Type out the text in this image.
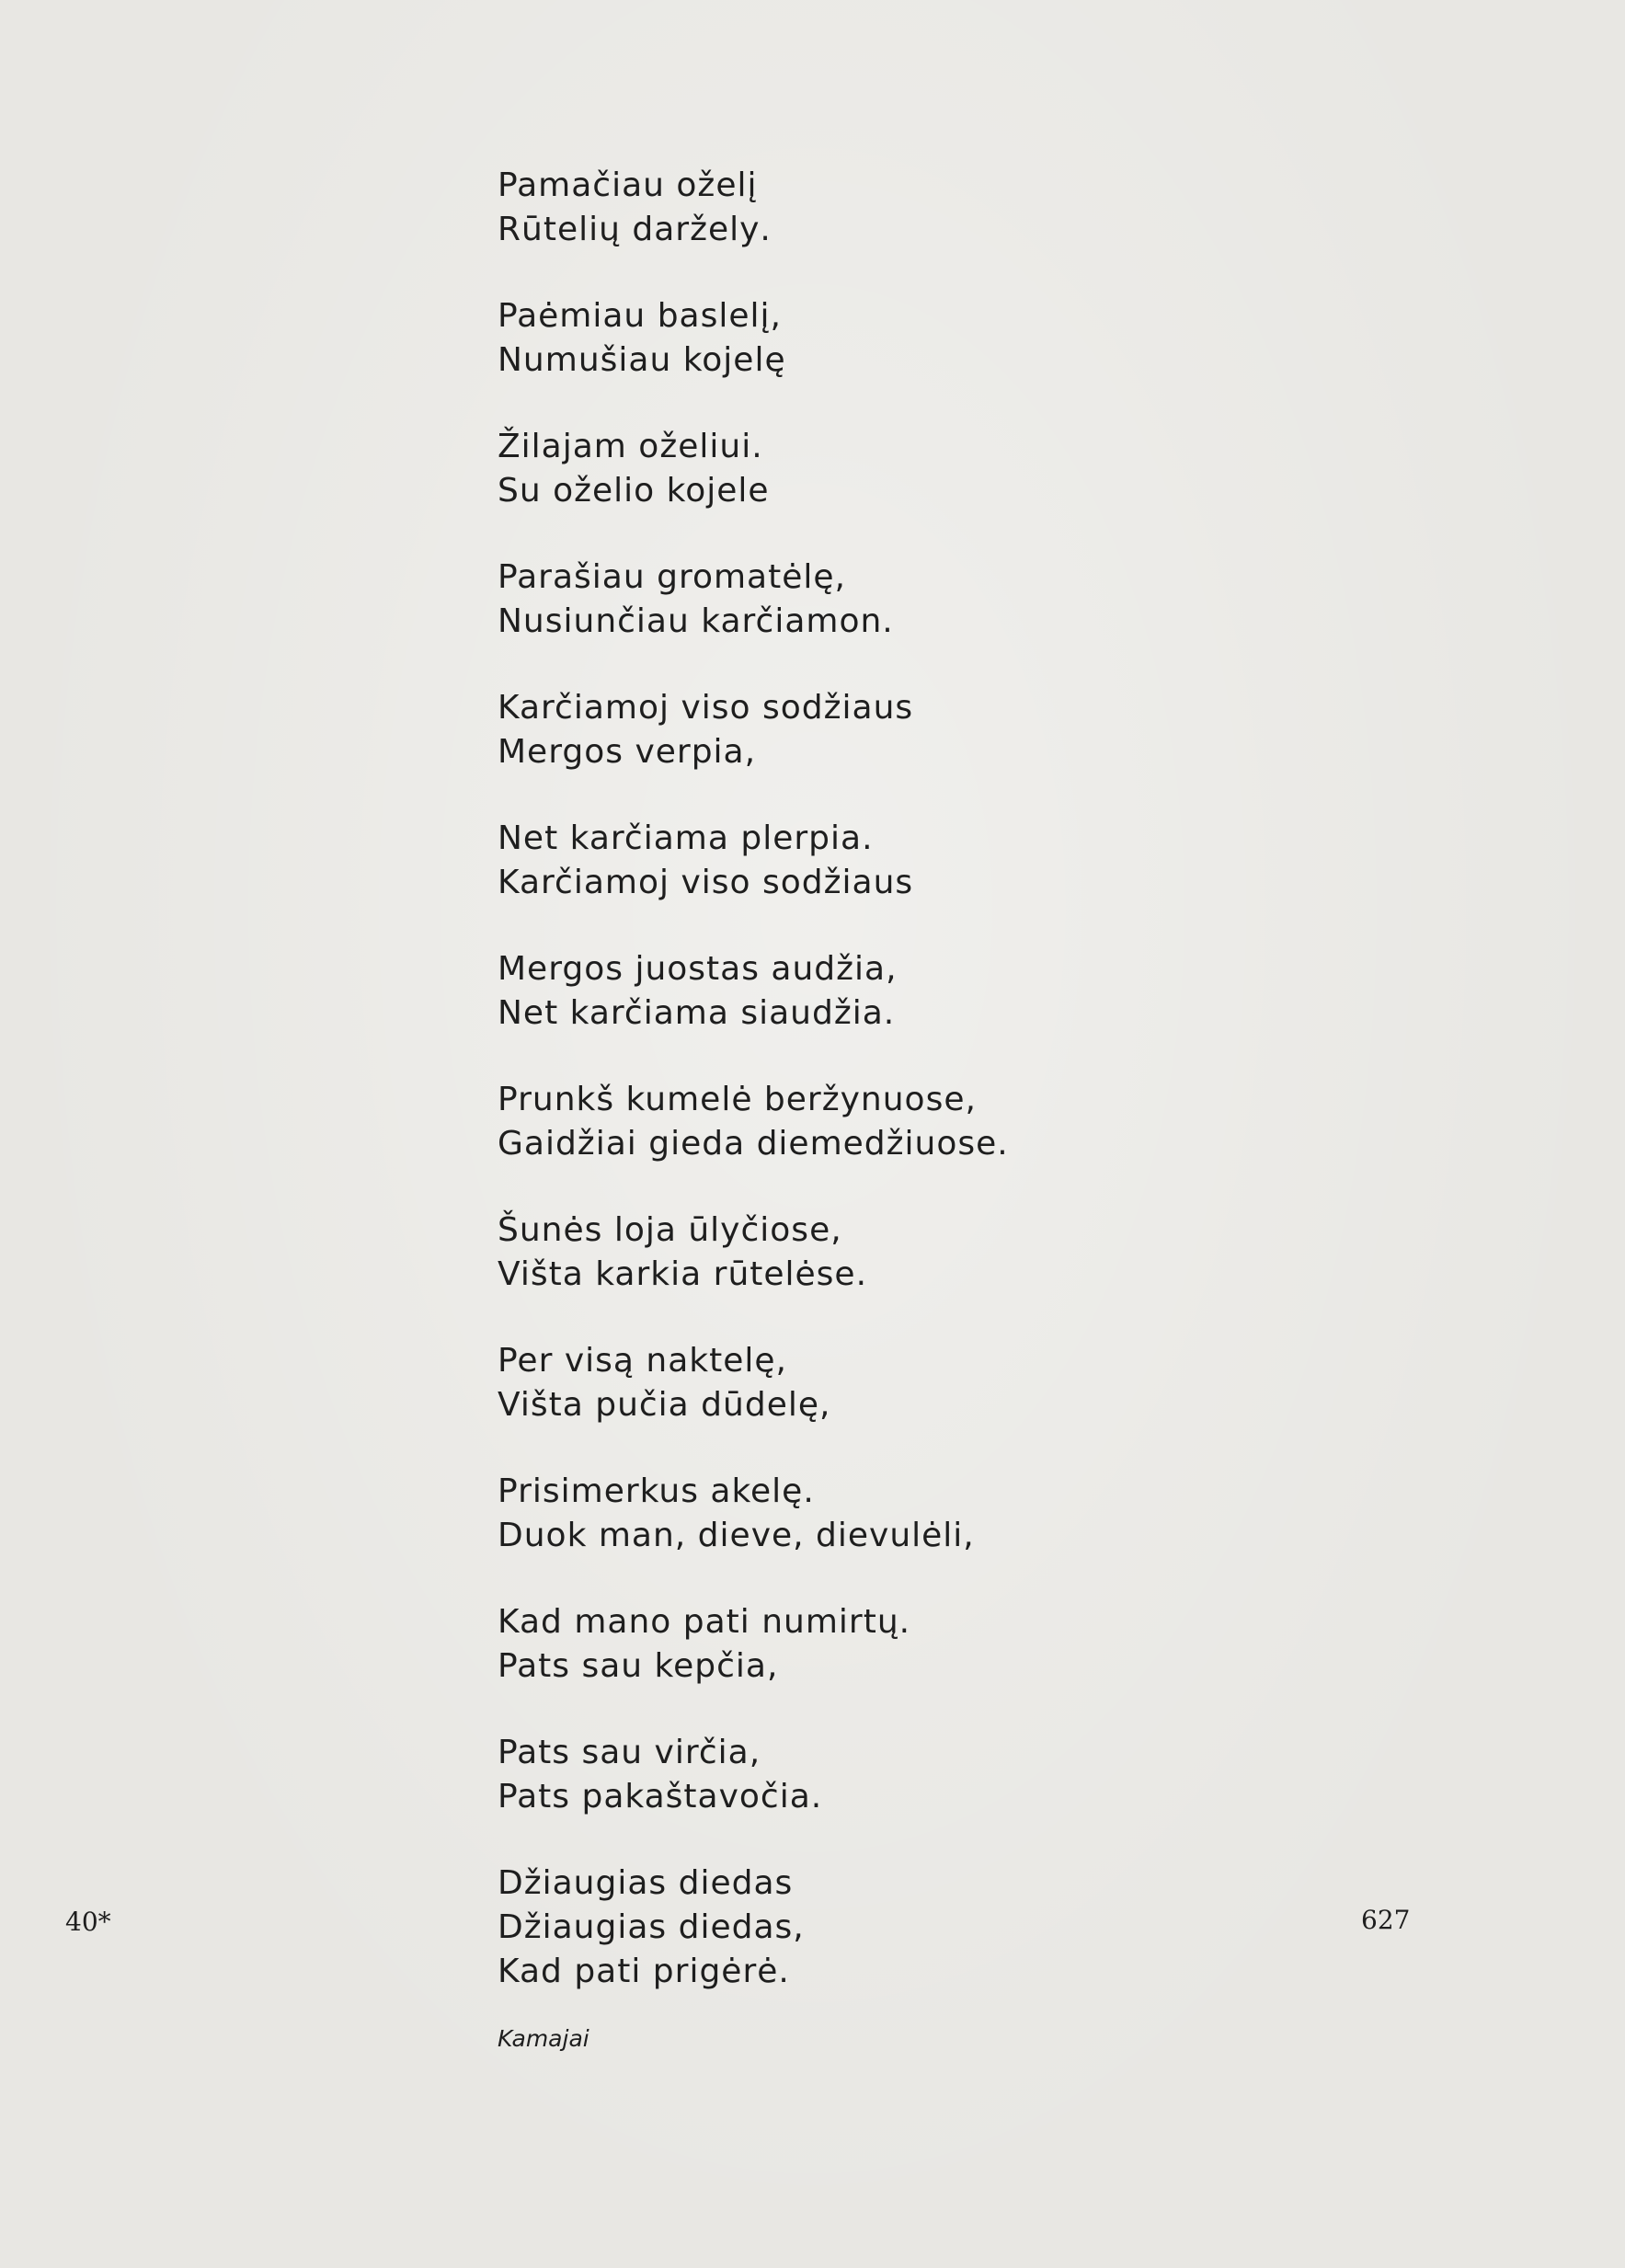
Pamačiau oželį
Rūtelių darželу.
Paėmiau baslelį,
Numušiau kojelę
Žilajam oželiui.
Su oželio kojele
Parašiau gromatėlę,
Nusiunčiau karčiamon.
Karčiamoj viso sodžiaus
Mergos verpia,
Net karčiama plerpia.
Karčiamoj viso sodžiaus
Mergos juostas audžia,
Net karčiama siaudžia.
Prunkš kumelė beržynuose,
Gaidžiai gieda diemedžiuose.
Šunės loja ūlyčiose,
Višta karkia rūtelėse.
Per visą naktelę,
Višta pučia dūdelę,
Prisimerkus akelę.
Duok man, dieve, dievulėli,
Kad mano pati numirtų.
Pats sau kepčia,
Pats sau virčia,
Pats pakaštavočia.
Džiaugias diedas
Džiaugias diedas,
Kad pati prigėrė.
Kamajai
40*	627
